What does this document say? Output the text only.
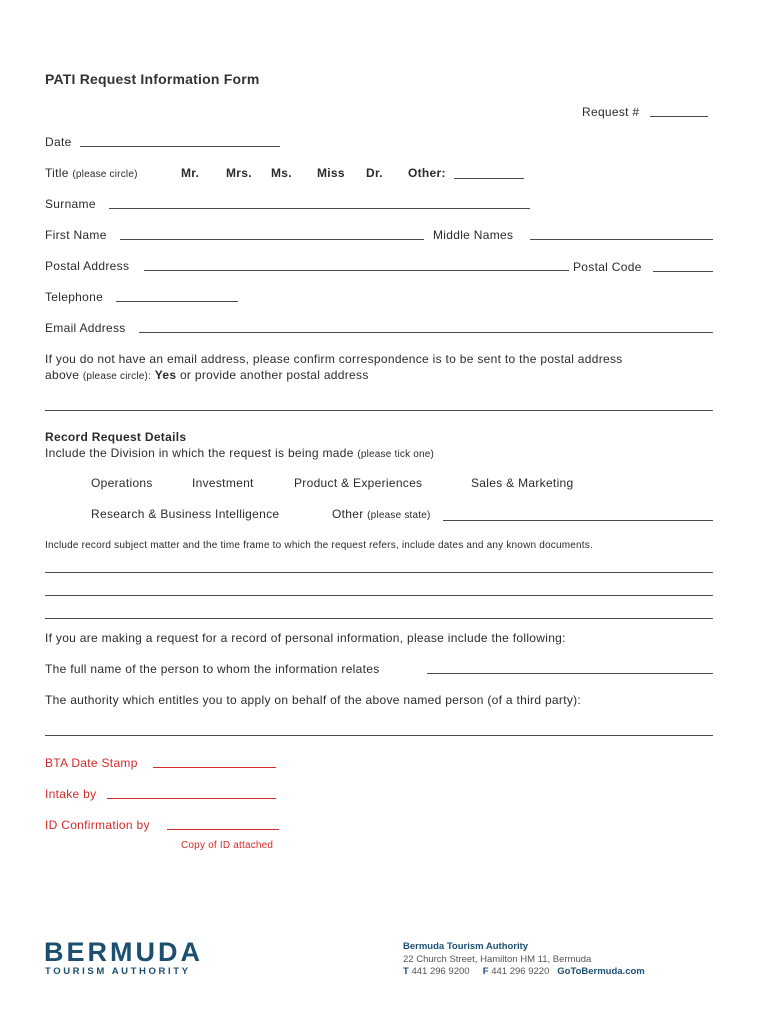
PATI Request Information Form
Request #
Date
Title (please circle)	Mr. Mrs. Ms. Miss Dr. Other:
Surname
First Name	Middle Names
Postal Address	Postal Code
Telephone
Email Address
If you do not have an email address, please confirm correspondence is to be sent to the postal address
above (please circle): Yes or provide another postal address
Record Request Details
Include the Division in which the request is being made (please tick one)
Operations	Investment	Product & Experiences	Sales & Marketing
Research & Business Intelligence	Other (please state)
Include record subject matter and the time frame to which the request refers, include dates and any known documents.
If you are making a request for a record of personal information, please include the following:
The full name of the person to whom the information relates
The authority which entitles you to apply on behalf of the above named person (of a third party):
BTA Date Stamp
Intake by
ID Confirmation by
Copy of ID attached
BERMUDA
TOURISM AUTHORITY
Bermuda Tourism Authority
22 Church Street, Hamilton HM 11, Bermuda
T 441 296 9200 F 441 296 9220 GoToBermuda.com
